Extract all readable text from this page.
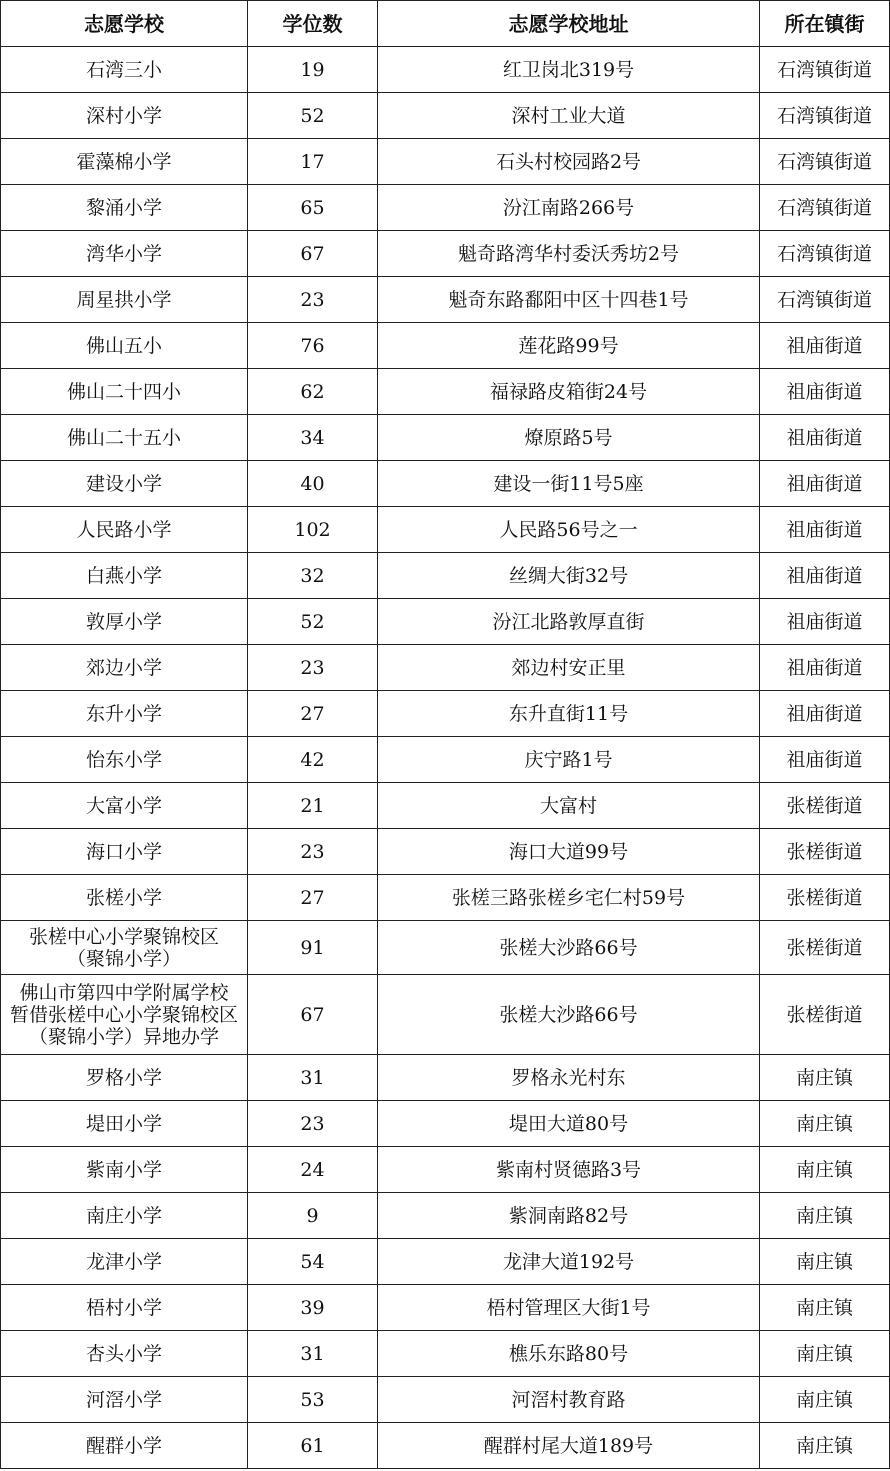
志愿学校	学位数	志愿学校地址	所在镇街
石湾三小	19	红卫岗北319号	石湾镇街道
深村小学	52	深村工业大道	石湾镇街道
霍藻棉小学	17	石头村校园路2号	石湾镇街道
黎涌小学	65	汾江南路266号	石湾镇街道
湾华小学	67	魁奇路湾华村委沃秀坊2号	石湾镇街道
周星拱小学	23	魁奇东路鄱阳中区十四巷1号	石湾镇街道
佛山五小	76	莲花路99号	祖庙街道
佛山二十四小	62	福禄路皮箱街24号	祖庙街道
佛山二十五小	34	燎原路5号	祖庙街道
建设小学	40	建设一街11号5座	祖庙街道
人民路小学	102	人民路56号之一	祖庙街道
白燕小学	32	丝绸大街32号	祖庙街道
敦厚小学	52	汾江北路敦厚直街	祖庙街道
郊边小学	23	郊边村安正里	祖庙街道
东升小学	27	东升直街11号	祖庙街道
怡东小学	42	庆宁路1号	祖庙街道
大富小学	21	大富村	张槎街道
海口小学	23	海口大道99号	张槎街道
张槎小学	27	张槎三路张槎乡宅仁村59号	张槎街道

张槎中心小学聚锦校区
（聚锦小学）	91	张槎大沙路66号	张槎街道

佛山市第四中学附属学校
暂借张槎中心小学聚锦校区
（聚锦小学）异地办学	67	张槎大沙路66号	张槎街道
罗格小学	31	罗格永光村东	南庄镇
堤田小学	23	堤田大道80号	南庄镇
紫南小学	24	紫南村贤德路3号	南庄镇
南庄小学	9	紫洞南路82号	南庄镇
龙津小学	54	龙津大道192号	南庄镇
梧村小学	39	梧村管理区大街1号	南庄镇
杏头小学	31	樵乐东路80号	南庄镇
河滘小学	53	河滘村教育路	南庄镇
醒群小学	61	醒群村尾大道189号	南庄镇
